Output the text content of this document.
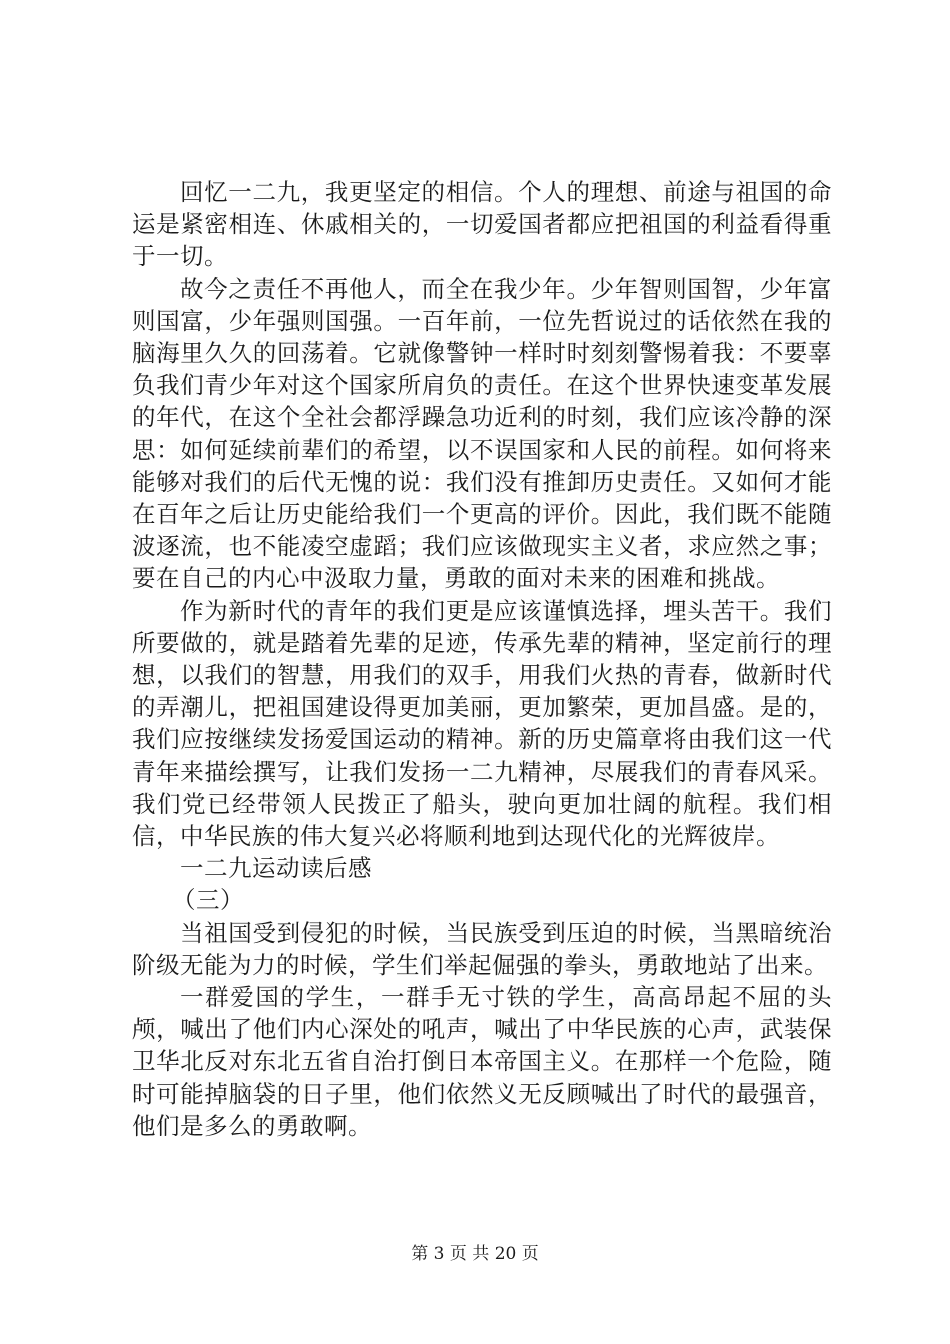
回忆一二九，我更坚定的相信。个人的理想、前途与祖国的命运是紧密相连、休戚相关的，一切爱国者都应把祖国的利益看得重于一切。

故今之责任不再他人，而全在我少年。少年智则国智，少年富则国富，少年强则国强。一百年前，一位先哲说过的话依然在我的脑海里久久的回荡着。它就像警钟一样时时刻刻警惕着我：不要辜负我们青少年对这个国家所肩负的责任。在这个世界快速变革发展的年代，在这个全社会都浮躁急功近利的时刻，我们应该冷静的深思：如何延续前辈们的希望，以不误国家和人民的前程。如何将来能够对我们的后代无愧的说：我们没有推卸历史责任。又如何才能在百年之后让历史能给我们一个更高的评价。因此，我们既不能随波逐流，也不能凌空虚蹈；我们应该做现实主义者，求应然之事；要在自己的内心中汲取力量，勇敢的面对未来的困难和挑战。

作为新时代的青年的我们更是应该谨慎选择，埋头苦干。我们所要做的，就是踏着先辈的足迹，传承先辈的精神，坚定前行的理想，以我们的智慧，用我们的双手，用我们火热的青春，做新时代的弄潮儿，把祖国建设得更加美丽，更加繁荣，更加昌盛。是的，我们应按继续发扬爱国运动的精神。新的历史篇章将由我们这一代青年来描绘撰写，让我们发扬一二九精神，尽展我们的青春风采。我们党已经带领人民拨正了船头，驶向更加壮阔的航程。我们相信，中华民族的伟大复兴必将顺利地到达现代化的光辉彼岸。

一二九运动读后感

（三）

当祖国受到侵犯的时候，当民族受到压迫的时候，当黑暗统治阶级无能为力的时候，学生们举起倔强的拳头，勇敢地站了出来。

一群爱国的学生，一群手无寸铁的学生，高高昂起不屈的头颅，喊出了他们内心深处的吼声，喊出了中华民族的心声，武装保卫华北反对东北五省自治打倒日本帝国主义。在那样一个危险，随时可能掉脑袋的日子里，他们依然义无反顾喊出了时代的最强音，他们是多么的勇敢啊。

第 3 页 共 20 页
